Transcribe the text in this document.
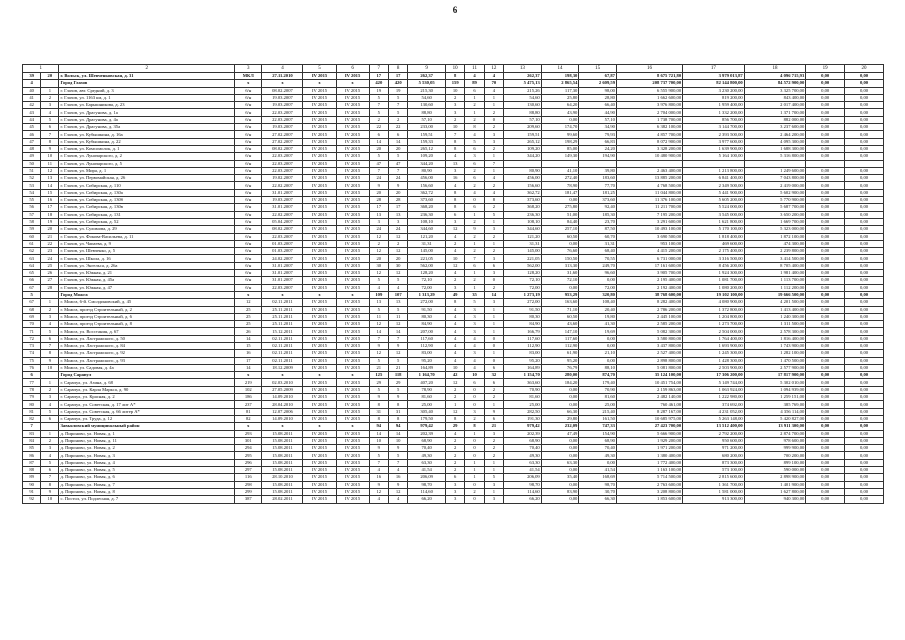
6
1		2	3	4	5	6	7	8	9	10	11	12	13	14	15	16	17	18	19	20
39	20	г. Вольск, ул. Шевченковская, д. 31	МКЛ	27.11.2010	IV 2015	IV 2015	17	17	262,37	8	4	4	262,37	198,30	67,87	8 675 721,80	3 979 013,87	4 096 715,93	0,00	0,00
4		Город Глазов	х	х	х	х	420	420	5 530,05	159	89	70	5 475,13	2 865,54	2 609,59	208 737 700,00	82 144 800,00	84 572 900,00	0,00	0,00
40	1	г. Глазов, авт. Средний, д. 3	б/н	08.02.2007	IV 2015	IV 2015	19	19	215,30	10	6	4	215,26	117,30	98,00	6 555 900,00	3 230 200,00	3 325 700,00	0,00	0,00
41	2	г. Глазов, ул. 1163 км, д. 1	б/н	19.03.2007	IV 2015	IV 2015	5	5	54,60	2	1	1	54,60	25,80	28,80	1 662 600,00	819 200,00	843 400,00	0,00	0,00
42	3	г. Глазов, ул. Барышникова, д. 23	б/н	19.03.2007	IV 2015	IV 2015	7	7	130,60	3	2	1	130,60	64,20	66,40	3 976 800,00	1 959 400,00	2 017 400,00	0,00	0,00
43	4	г. Глазов, ул. Драгунова, д. 1а	б/н	22.03.2007	IV 2015	IV 2015	5	5	88,80	3	1	2	88,80	43,90	44,90	2 704 000,00	1 332 200,00	1 371 700,00	0,00	0,00
44	5	г. Глазов, ул. Драгунова, д. 4а	б/н	22.03.2007	IV 2015	IV 2015	2	2	57,10	2	2	0	57,10	0,00	57,10	1 738 700,00	856 700,00	882 000,00	0,00	0,00
45	6	г. Глазов, ул. Драгунова, д. 35а	б/н	19.03.2007	IV 2015	IV 2015	22	22	233,00	10	8	2	209,60	174,70	34,90	6 382 100,00	3 144 700,00	3 237 600,00	0,00	0,00
46	7	г. Глазов, ул. Кубышкина, д. 16а	б/н	27.02.2007	IV 2015	IV 2015	6	6	159,51	7	4	3	159,51	99,60	79,93	4 857 700,00	2 393 500,00	2 464 200,00	0,00	0,00
47	8	г. Глазов, ул. Кубышкина, д. 22	б/н	27.02.2007	IV 2015	IV 2015	14	14	159,33	8	5	3	265,12	198,29	66,83	8 072 900,00	3 977 600,00	4 095 300,00	0,00	0,00
48	9	г. Глазов, ул. Комсомолок, д. 1	б/н	08.02.2007	IV 2015	IV 2015	20	20	265,12	8	6	2	109,20	85,00	24,20	3 328 200,00	1 639 900,00	1 688 300,00	0,00	0,00
49	10	г. Глазов, ул. Луначарского, д. 2	б/н	22.03.2007	IV 2015	IV 2015	5	5	109,20	4	3	1	344,20	149,30	194,90	10 480 900,00	5 164 100,00	5 316 800,00	0,00	0,00
50	11	г. Глазов, ул. Луначарского, д. 5	б/н	22.03.2007	IV 2015	IV 2015	47	47	344,20	13	6	7								
51	12	г. Глазов, ул. Мира, д. 1	б/н	22.03.2007	IV 2015	IV 2015	7	7	80,90	3	2	1	80,90	41,10	39,80	2 463 400,00	1 213 800,00	1 249 600,00	0,00	0,00
52	13	г. Глазов, ул. Первомайская, д. 26	б/н	19.02.2007	IV 2015	IV 2015	24	24	456,00	16	6	4	456,00	272,40	183,60	13 885 200,00	6 841 400,00	7 043 800,00	0,00	0,00
53	14	г. Глазов, ул. Сибирская, д. 110	б/н	22.02.2007	IV 2015	IV 2015	9	9	156,60	4	2	2	156,60	78,90	77,70	4 768 500,00	2 349 500,00	2 419 000,00	0,00	0,00
54	15	г. Глазов, ул. Сибирская, д. 130а	б/н	31.01.2007	IV 2015	IV 2015	20	20	362,72	8	4	4	362,72	181,47	181,25	11 044 800,00	5 441 900,00	5 602 900,00	0,00	0,00
55	16	г. Глазов, ул. Сибирская, д. 130б	б/н	19.03.2007	IV 2015	IV 2015	28	28	373,60	8	0	8	373,60	0,00	373,60	11 376 100,00	5 605 200,00	5 770 900,00	0,00	0,00
56	17	г. Глазов, ул. Сибирская, д. 130в	б/н	31.01.2007	IV 2015	IV 2015	17	17	368,20	8	6	2	368,20	275,80	92,40	11 211 700,00	5 524 000,00	5 687 700,00	0,00	0,00
57	18	г. Глазов, ул. Сибирская, д. 131	б/н	22.02.2007	IV 2015	IV 2015	13	13	236,30	6	1	5	236,30	51,00	185,30	7 195 200,00	3 545 000,00	3 650 200,00	0,00	0,00
58	19	г. Глазов, ул. Сибирская, д. 52	б/н	05.04.2007	IV 2015	IV 2015	3	3	108,10	3	2	1	108,10	84,40	23,70	3 291 600,00	1 621 800,00	1 669 700,00	0,00	0,00
59	20	г. Глазов, ул. Сулимова, д. 29	б/н	08.02.2007	IV 2015	IV 2015	24	24	344,60	12	9	3	344,60	257,10	87,50	10 493 100,00	5 170 100,00	5 323 000,00	0,00	0,00
60	21	г. Глазов, ул. Фокова-Васильева, д. 11	б/н	22.03.2007	IV 2015	IV 2015	12	12	121,20	4	2	2	121,20	60,50	60,70	3 690 500,00	1 818 400,00	1 872 100,00	0,00	0,00
61	22	г. Глазов, ул. Чапаева, д. 9	б/н	01.03.2007	IV 2015	IV 2015	2	2	31,31	2	1	1	31,31	0,00	31,31	953 100,00	469 600,00	474 300,00	0,00	0,00
62	23	г. Глазов, ул. Шевченко, д. 5	б/н	01.03.2007	IV 2015	IV 2015	12	12	145,00	4	2	2	145,00	76,60	68,40	4 415 200,00	2 175 400,00	2 239 800,00	0,00	0,00
63	24	г. Глазов, ул. Школа, д. 16	б/н	24.02.2007	IV 2015	IV 2015	20	20	221,05	10	7	3	221,05	150,50	70,55	6 731 000,00	3 316 500,00	3 414 500,00	0,00	0,00
64	25	г. Глазов, ул. Энгельса, д. 26а	б/н	31.01.2007	IV 2015	IV 2015	30	30	562,00	12	6	6	562,00	313,30	249,70	17 161 600,00	8 456 200,00	8 705 400,00	0,00	0,00
65	26	г. Глазов, ул. Южная, д. 21	б/н	31.01.2007	IV 2015	IV 2015	12	12	128,20	4	1	3	128,20	31,60	96,60	3 905 700,00	1 924 300,00	1 981 400,00	0,00	0,00
66	27	г. Глазов, ул. Южная, д. 45а	б/н	31.01.2007	IV 2015	IV 2015	5	5	72,10	2	2	0	72,10	72,10	0,00	2 195 400,00	1 081 700,00	1 113 700,00	0,00	0,00
67	28	г. Глазов, ул. Южная, д. 47	б/н	22.03.2007	IV 2015	IV 2015	4	4	72,00	3	1	2	72,00	0,00	72,00	2 192 400,00	1 080 200,00	1 112 200,00	0,00	0,00
5		Город Можга	х	х	х	х	109	107	1 313,29	49	35	14	1 273,19	953,29	320,80	38 768 600,00	19 102 100,00	19 666 500,00	0,00	0,00
67	1	г. Можга, 6-й. Смолдиновский, д. 45	12	02.11.2011	IV 2015	IV 2015	13	13	272,00	8	5	3	272,00	163,60	108,40	8 282 400,00	4 080 900,00	4 201 500,00	0,00	0,00
68	2	г. Можга, проезд Строительный, д. 2	25	25.11.2011	IV 2015	IV 2015	5	5	91,50	4	3	1	91,50	71,10	20,40	2 786 200,00	1 372 800,00	1 413 400,00	0,00	0,00
69	3	г. Можга, проезд Строительный, д. 6	25	25.11.2011	IV 2015	IV 2015	11	11	80,30	4	3	1	80,30	60,50	19,80	2 445 100,00	1 204 800,00	1 240 300,00	0,00	0,00
70	4	г. Можга, проезд Строительный, д. 8	25	25.11.2011	IV 2015	IV 2015	12	12	84,90	4	3	1	84,90	43,60	41,30	2 585 200,00	1 273 700,00	1 311 500,00	0,00	0,00
71	5	г. Можга, ул. Восстания, д. 67	26	15.12.2011	IV 2015	IV 2015	14	14	207,00	4	3	1	166,79	147,10	19,69	5 082 300,00	2 504 000,00	2 578 300,00	0,00	0,00
72	6	г. Можга, ул. Ластражского, д. 50	14	02.11.2011	IV 2015	IV 2015	7	7	117,60	4	4	0	117,60	117,60	0,00	3 580 800,00	1 764 400,00	1 816 400,00	0,00	0,00
73	7	г. Можга, ул. Ластражского, д. 84	15	02.11.2011	IV 2015	IV 2015	9	9	112,90	4	4	0	112,90	112,90	0,00	3 437 800,00	1 693 900,00	1 743 900,00	0,00	0,00
74	8	г. Можга, ул. Ластражского, д. 92	16	02.11.2011	IV 2015	IV 2015	12	12	83,00	4	3	1	83,00	61,90	21,10	2 527 400,00	1 245 300,00	1 282 100,00	0,00	0,00
75	9	г. Можга, ул. Ластражского, д. 93	17	02.11.2011	IV 2015	IV 2015	5	5	95,20	4	4	0	95,20	95,20	0,00	2 898 800,00	1 428 300,00	1 470 500,00	0,00	0,00
76	10	г. Можга, ул. Садовая, д. 4а	14	18.12.2009	IV 2015	IV 2015	21	21	164,89	10	4	6	164,89	76,79	88,10	5 081 800,00	2 503 900,00	2 577 900,00	0,00	0,00
6		Город Сарапул	х	х	х	х	125	118	1 164,70	42	10	32	1 154,70	280,00	874,70	35 124 100,00	17 306 200,00	17 817 900,00	0,00	0,00
77	1	г. Сарапул, ул. Азина, д. 68	219	02.03.2010	IV 2015	IV 2015	29	29	407,20	12	6	6	363,60	184,20	179,40	10 451 754,00	5 149 744,00	5 302 010,00	0,00	0,00
78	2	г. Сарапул, ул. Карла Маркса, д. 90	102	27.05.2009	IV 2015	IV 2015	5	5	78,90	2	0	2	70,90	0,00	70,90	2 159 863,00	1 063 924,00	1 094 939,00	0,00	0,00
79	3	г. Сарапул, ул. Красная, д. 2	186	14.09.2010	IV 2015	IV 2015	9	9	81,60	2	0	2	81,60	0,00	81,60	2 482 140,00	1 222 980,00	1 259 151,00	0,00	0,00
80	4	г. Сарапул, ул. Советская, д. 17 лит А*	237	28.04.2010	IV 2015	IV 2015	8	8	25,00	1	0	1	25,00	0,00	25,00	760 461,00	374 692,00	385 769,00	0,00	0,00
81	5	г. Сарапул, ул. Советская, д. 66 литер А*	81	12.07.2006	IV 2015	IV 2015	31	31	305,40	12	3	9	282,50	66,30	215,40	8 287 167,00	4 231 052,00	4 356 114,00	0,00	0,00
82	6	г. Сарапул, ул. Труда, д. 12	82	14.09.2010	IV 2015	IV 2015	8	8	179,50	8	2	6	191,30	29,80	161,50	10 685 975,00	5 263 148,00	5 420 827,00	0,00	0,00
7		Завьяловский муниципальный район	х	х	х	х	94	94	979,42	29	8	21	979,42	232,09	747,33	27 423 700,00	13 512 400,00	13 911 300,00	0,00	0,00
83	1	д. Пироново, ул. Новая, д. 1	293	15.08.2011	IV 2015	IV 2015	14	14	202,39	4	1	3	202,39	47,49	154,90	5 666 900,00	2 792 200,00	2 874 700,00	0,00	0,00
84	2	д. Пироново, ул. Новая, д. 11	301	15.08.2011	IV 2015	IV 2015	10	10	68,90	2	0	2	68,90	0,00	68,90	1 929 200,00	950 600,00	978 600,00	0,00	0,00
85	3	д. Пироново, ул. Новая, д. 2	294	15.08.2011	IV 2015	IV 2015	9	9	70,40	2	0	2	70,40	0,00	70,40	1 971 200,00	971 200,00	999 900,00	0,00	0,00
86	4	д. Пироново, ул. Новая, д. 3	295	15.08.2011	IV 2015	IV 2015	5	5	49,30	2	0	2	49,30	0,00	49,30	1 380 400,00	680 200,00	700 200,00	0,00	0,00
87	5	д. Пироново, ул. Новая, д. 4	296	15.08.2011	IV 2015	IV 2015	7	7	63,30	2	1	1	63,30	63,30	0,00	1 772 400,00	873 300,00	899 100,00	0,00	0,00
88	6	д. Пироново, ул. Новая, д. 5	297	15.08.2011	IV 2015	IV 2015	4	4	41,54	2	1	1	41,54	0,00	41,54	1 163 100,00	573 100,00	590 000,00	0,00	0,00
89	7	д. Пироново, ул. Новая, д. 6	116	28.10.2010	IV 2015	IV 2015	16	16	206,09	6	1	5	206,09	35,40	168,69	5 714 500,00	2 815 600,00	2 898 900,00	0,00	0,00
90	8	д. Пироново, ул. Новая, д. 7	298	15.08.2011	IV 2015	IV 2015	9	9	98,70	3	0	3	98,70	0,00	98,70	2 763 600,00	1 361 700,00	1 401 900,00	0,00	0,00
91	9	д. Пироново, ул. Новая, д. 8	299	15.08.2011	IV 2015	IV 2015	12	12	114,60	3	2	1	114,60	83,90	30,70	3 208 800,00	1 581 000,00	1 627 800,00	0,00	0,00
92	10	с. Постол, ул. Подлесная, д. 7	387	28.02.2011	IV 2015	IV 2015	4	4	66,20	3	0	3	66,20	0,00	66,30	1 853 600,00	913 300,00	940 300,00	0,00	0,00
